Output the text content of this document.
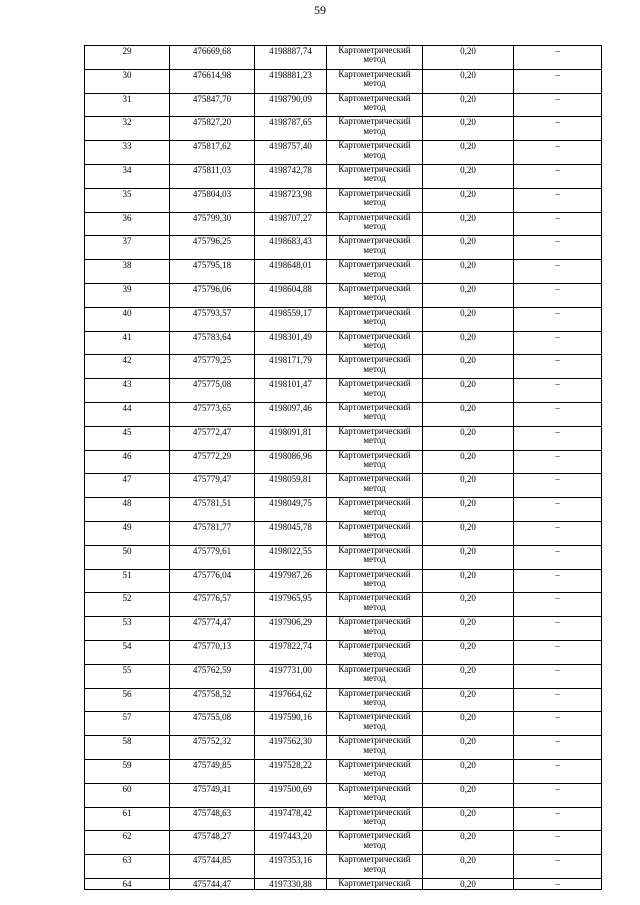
59
29	476669,68	4198887,74	Картометрический
метод	0,20	–
30	476614,98	4198881,23	Картометрический
метод	0,20	–
31	475847,70	4198790,09	Картометрический
метод	0,20	–
32	475827,20	4198787,65	Картометрический
метод	0,20	–
33	475817,62	4198757,40	Картометрический
метод	0,20	–
34	475811,03	4198742,78	Картометрический
метод	0,20	–
35	475804,03	4198723,98	Картометрический
метод	0,20	–
36	475799,30	4198707,27	Картометрический
метод	0,20	–
37	475796,25	4198683,43	Картометрический
метод	0,20	–
38	475795,18	4198648,01	Картометрический
метод	0,20	–
39	475796,06	4198604,88	Картометрический
метод	0,20	–
40	475793,57	4198559,17	Картометрический
метод	0,20	–
41	475783,64	4198301,49	Картометрический
метод	0,20	–
42	475779,25	4198171,79	Картометрический
метод	0,20	–
43	475775,08	4198101,47	Картометрический
метод	0,20	–
44	475773,65	4198097,46	Картометрический
метод	0,20	–
45	475772,47	4198091,81	Картометрический
метод	0,20	–
46	475772,29	4198086,96	Картометрический
метод	0,20	–
47	475779,47	4198059,81	Картометрический
метод	0,20	–
48	475781,51	4198049,75	Картометрический
метод	0,20	–
49	475781,77	4198045,78	Картометрический
метод	0,20	–
50	475779,61	4198022,55	Картометрический
метод	0,20	–
51	475776,04	4197987,26	Картометрический
метод	0,20	–
52	475776,57	4197965,95	Картометрический
метод	0,20	–
53	475774,47	4197906,29	Картометрический
метод	0,20	–
54	475770,13	4197822,74	Картометрический
метод	0,20	–
55	475762,59	4197731,00	Картометрический
метод	0,20	–
56	475758,52	4197664,62	Картометрический
метод	0,20	–
57	475755,08	4197590,16	Картометрический
метод	0,20	–
58	475752,32	4197562,30	Картометрический
метод	0,20	–
59	475749,85	4197528,22	Картометрический
метод	0,20	–
60	475749,41	4197500,69	Картометрический
метод	0,20	–
61	475748,63	4197478,42	Картометрический
метод	0,20	–
62	475748,27	4197443,20	Картометрический
метод	0,20	–
63	475744,85	4197353,16	Картометрический
метод	0,20	–
64	475744,47	4197330,88	Картометрический	0,20	–
